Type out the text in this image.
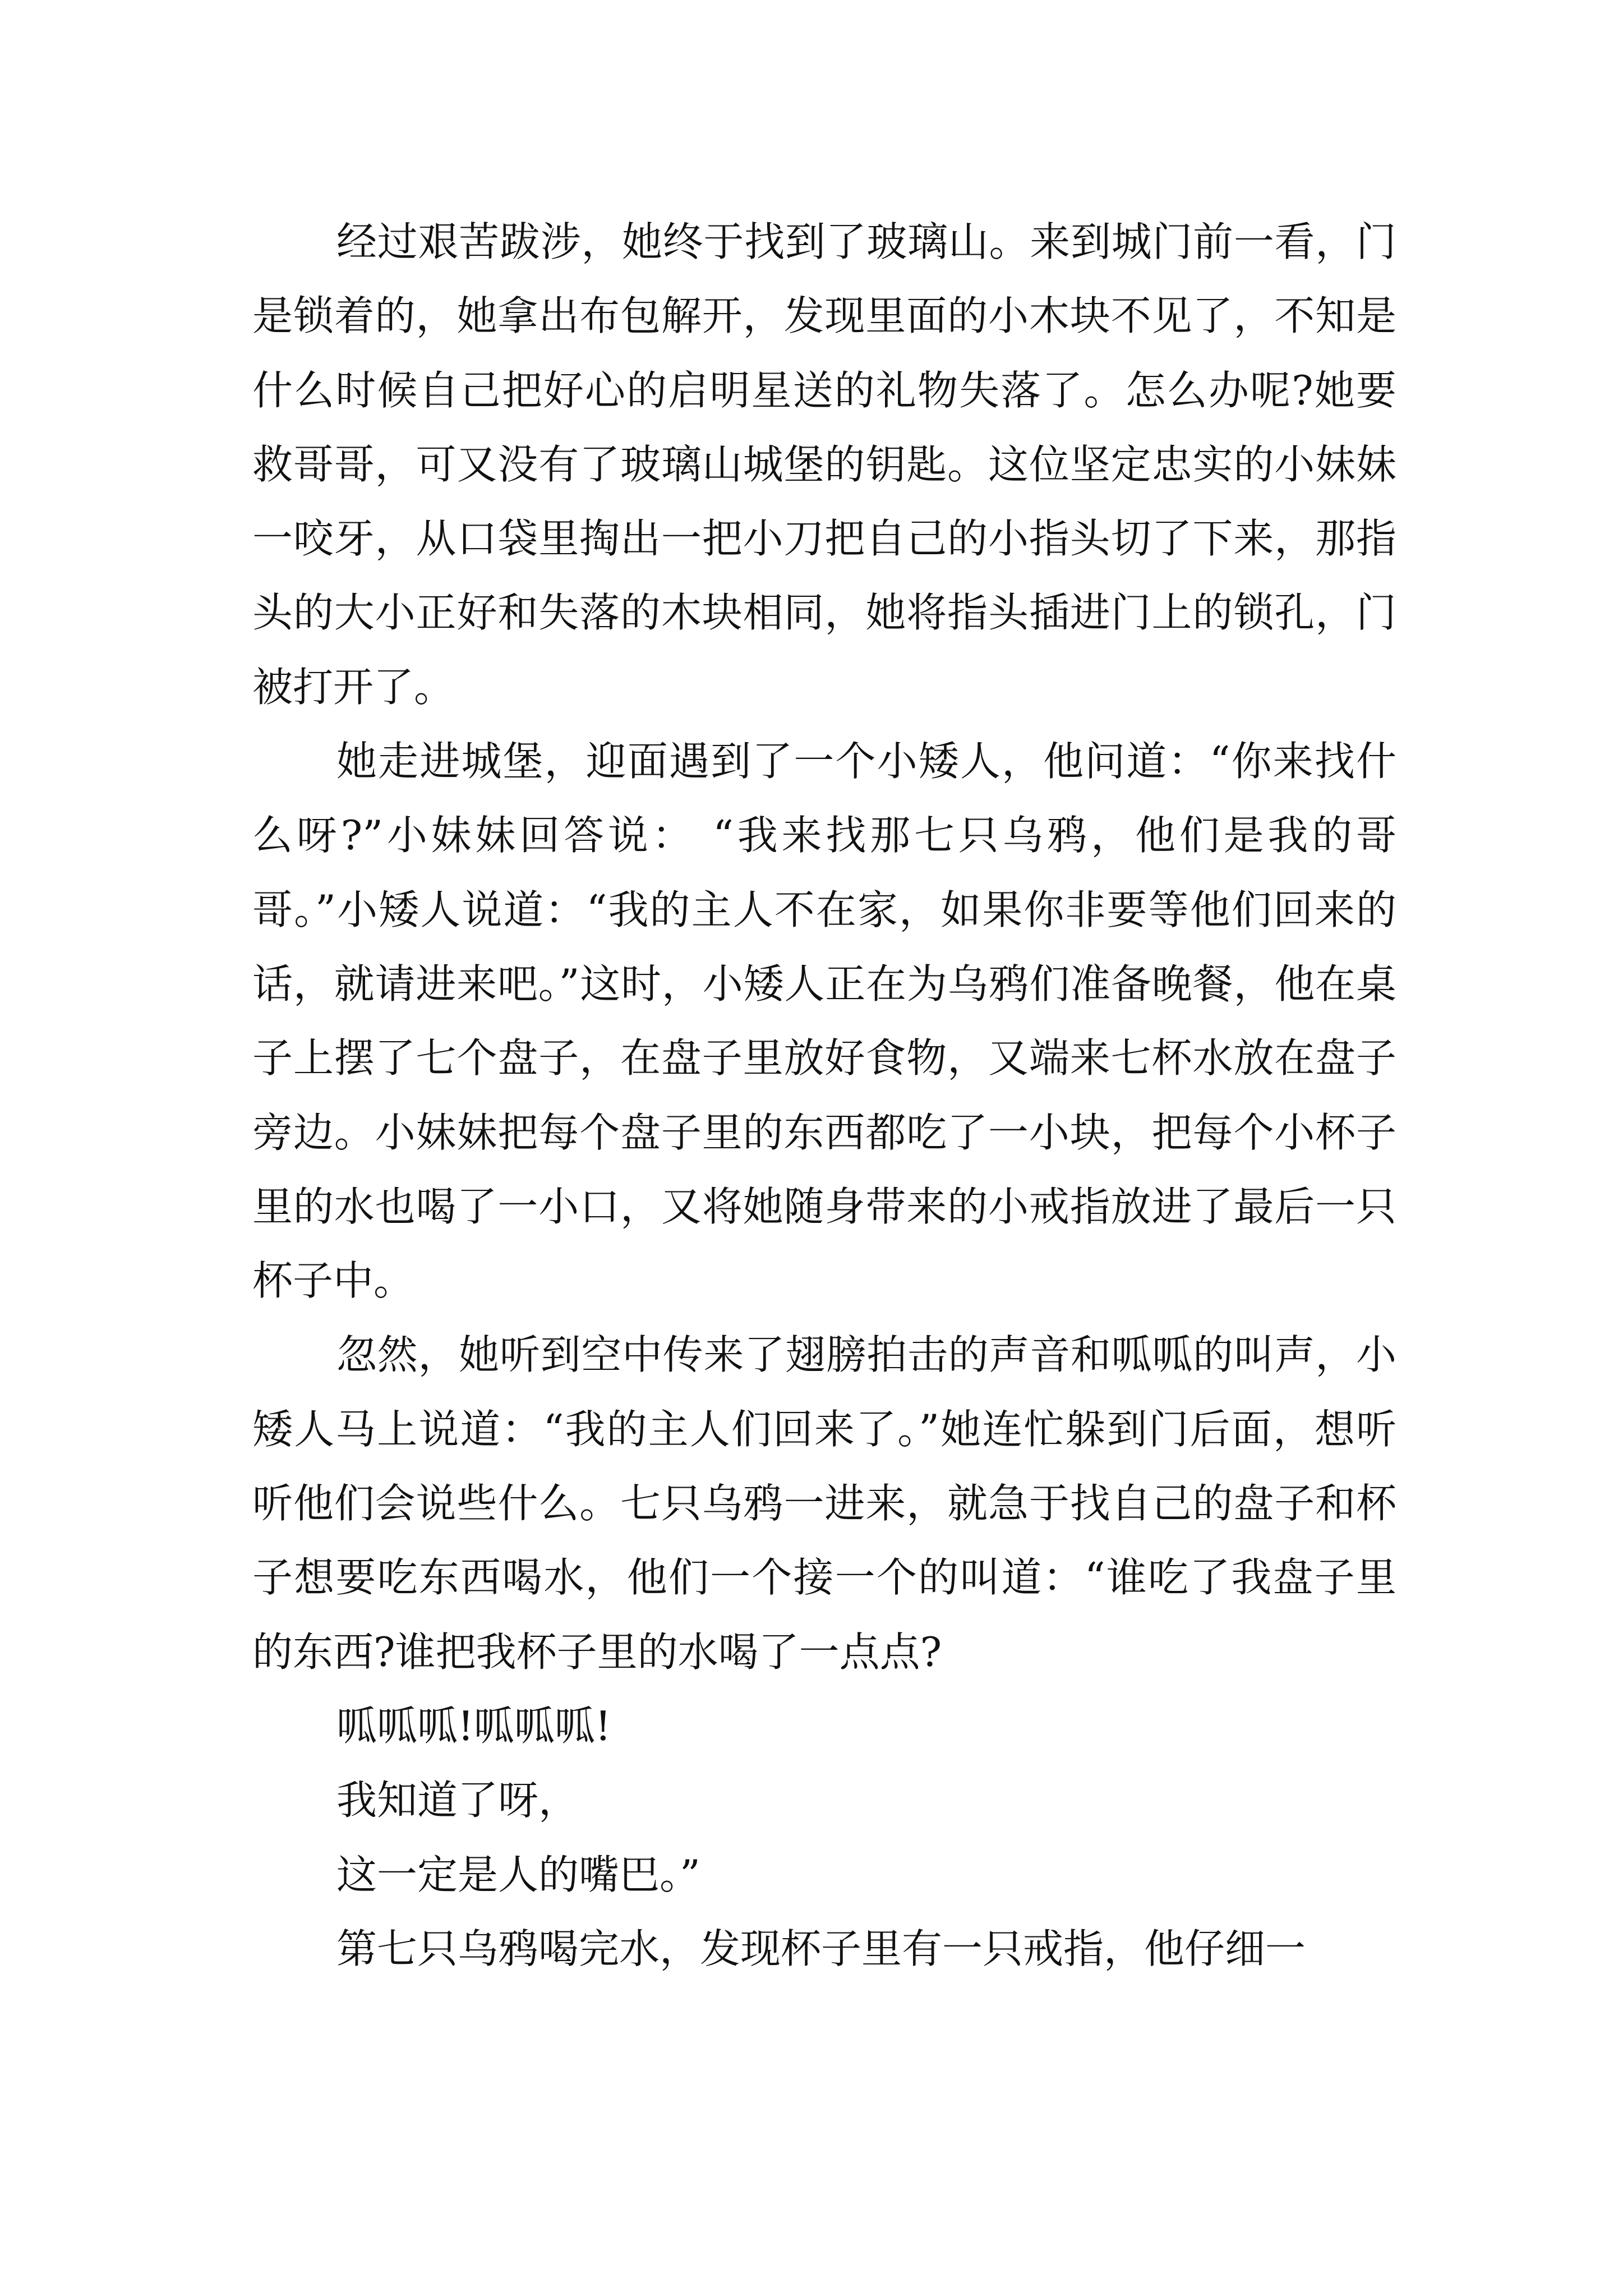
经过艰苦跋涉，她终于找到了玻璃山。来到城门前一看，门是锁着的，她拿出布包解开，发现里面的小木块不见了，不知是什么时候自己把好心的启明星送的礼物失落了。怎么办呢?她要救哥哥，可又没有了玻璃山城堡的钥匙。这位坚定忠实的小妹妹一咬牙，从口袋里掏出一把小刀把自己的小指头切了下来，那指头的大小正好和失落的木块相同，她将指头插进门上的锁孔，门被打开了。

她走进城堡，迎面遇到了一个小矮人，他问道：“你来找什么呀?”小妹妹回答说： “我来找那七只乌鸦，他们是我的哥哥。”小矮人说道：“我的主人不在家，如果你非要等他们回来的话，就请进来吧。”这时，小矮人正在为乌鸦们准备晚餐，他在桌子上摆了七个盘子，在盘子里放好食物，又端来七杯水放在盘子旁边。小妹妹把每个盘子里的东西都吃了一小块，把每个小杯子里的水也喝了一小口，又将她随身带来的小戒指放进了最后一只杯子中。

忽然，她听到空中传来了翅膀拍击的声音和呱呱的叫声，小矮人马上说道：“我的主人们回来了。”她连忙躲到门后面，想听听他们会说些什么。七只乌鸦一进来，就急于找自己的盘子和杯子想要吃东西喝水，他们一个接一个的叫道：“谁吃了我盘子里的东西?谁把我杯子里的水喝了一点点?

呱呱呱!呱呱呱!

我知道了呀，

这一定是人的嘴巴。”

第七只乌鸦喝完水，发现杯子里有一只戒指，他仔细一
